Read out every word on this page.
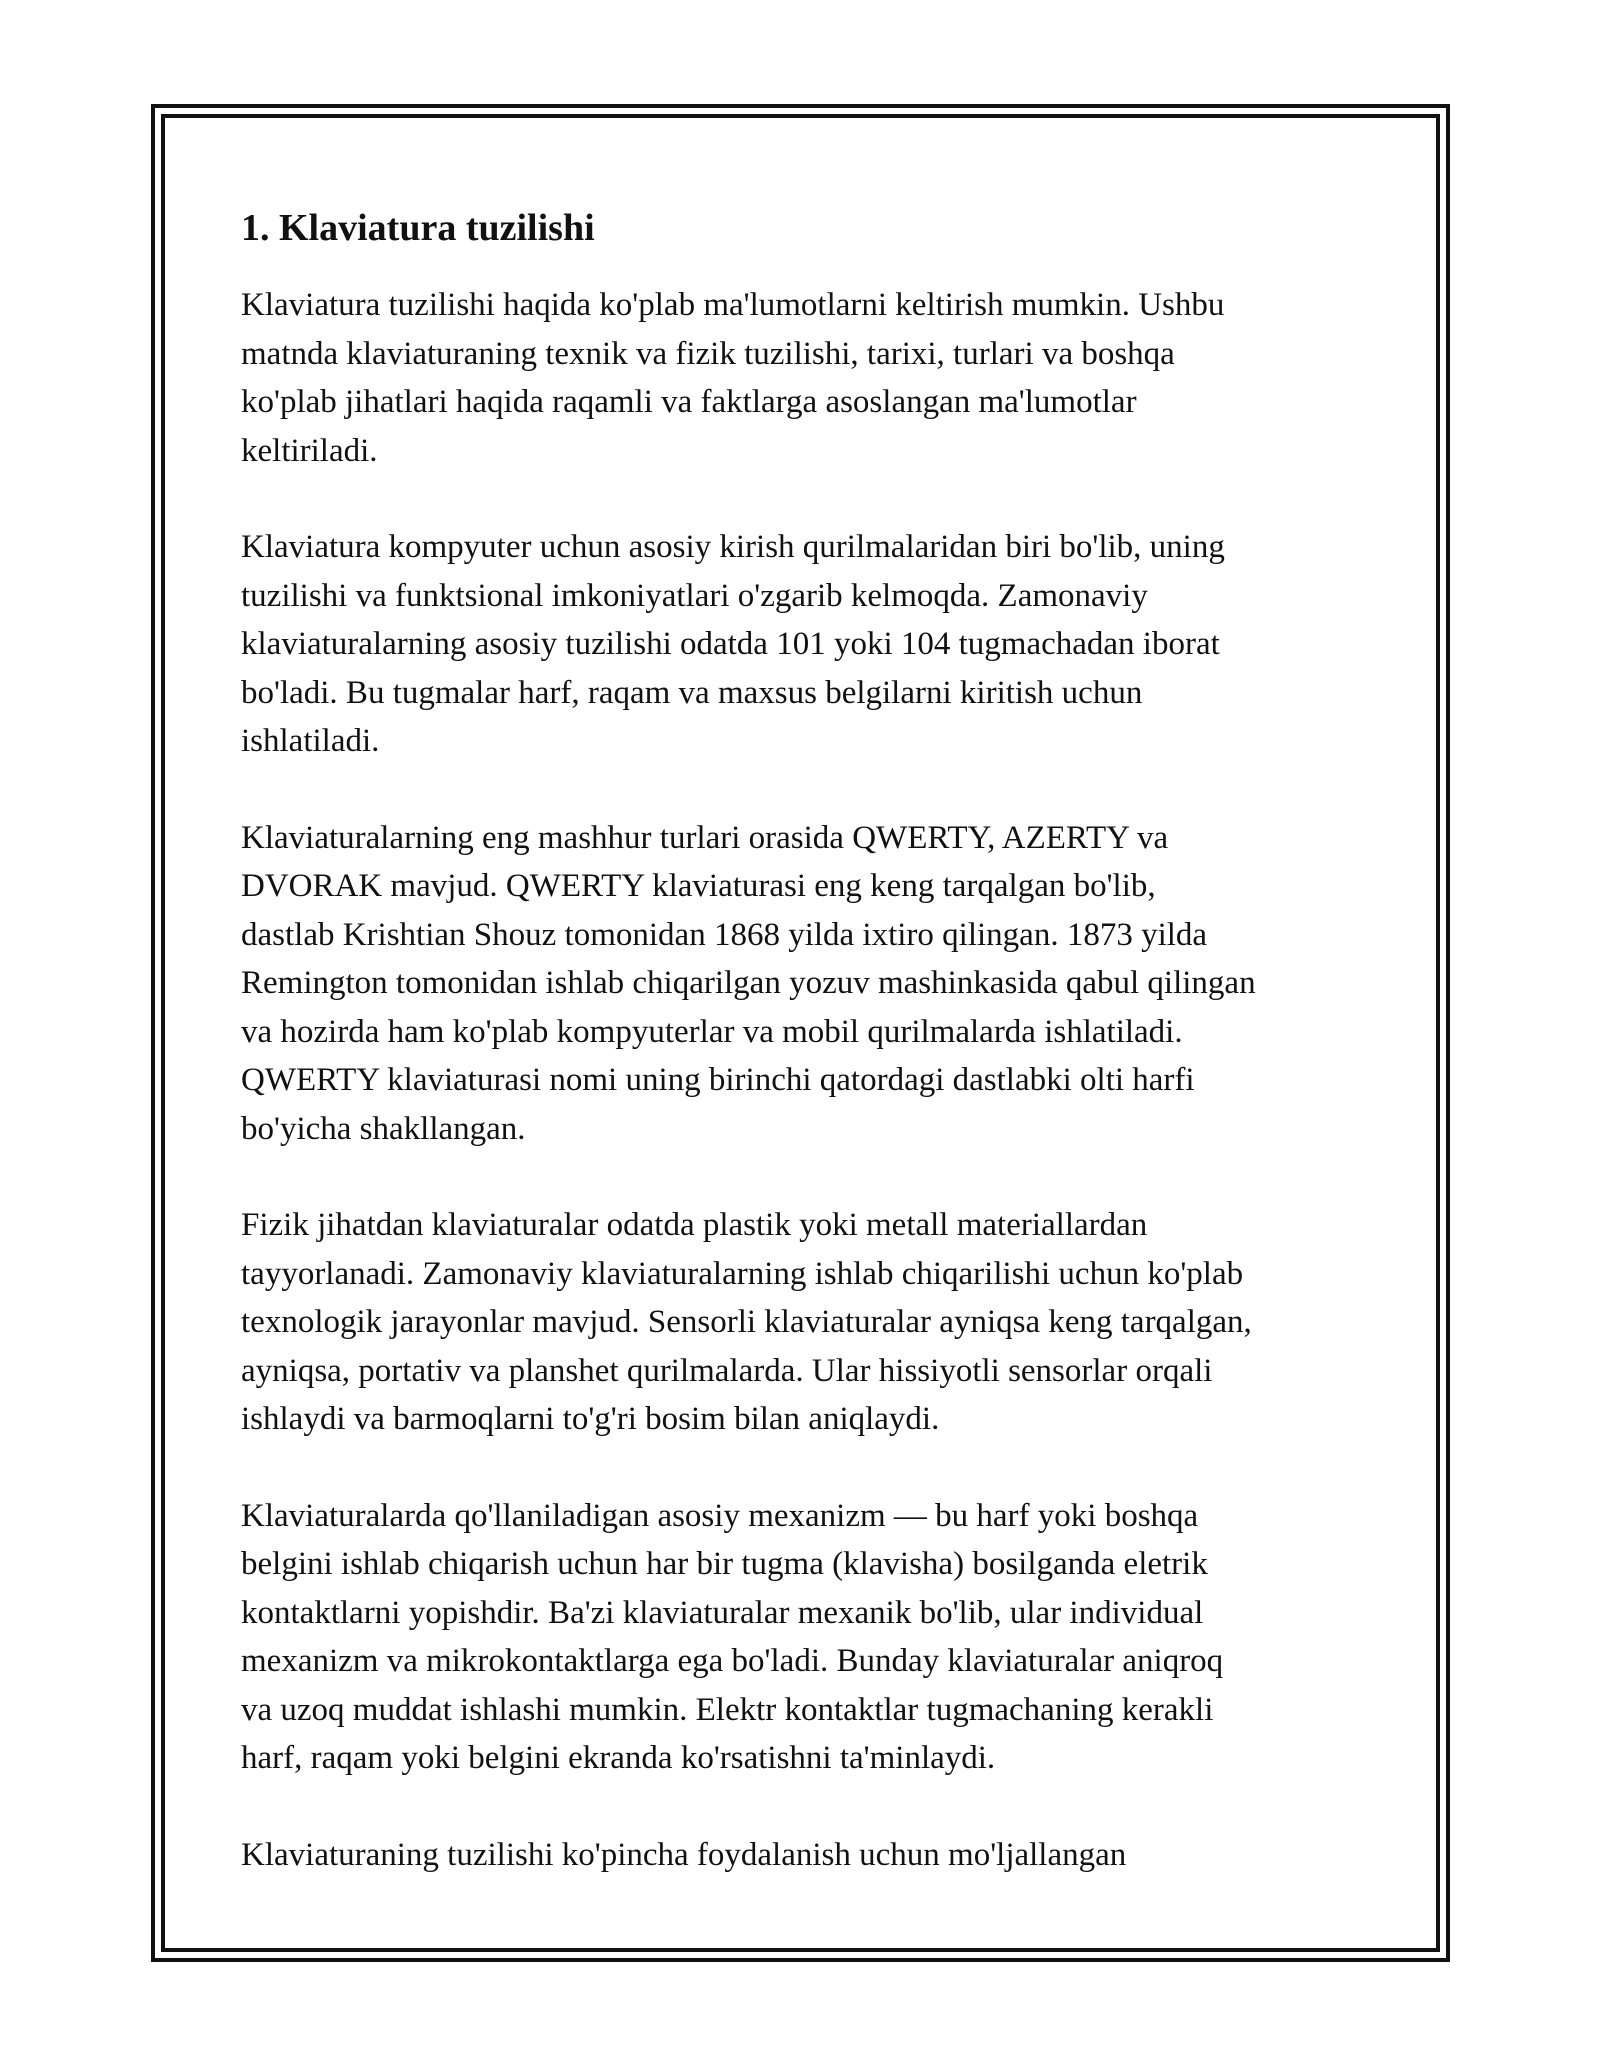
1. Klaviatura tuzilishi

Klaviatura tuzilishi haqida ko'plab ma'lumotlarni keltirish mumkin. Ushbu
matnda klaviaturaning texnik va fizik tuzilishi, tarixi, turlari va boshqa
ko'plab jihatlari haqida raqamli va faktlarga asoslangan ma'lumotlar
keltiriladi.

Klaviatura kompyuter uchun asosiy kirish qurilmalaridan biri bo'lib, uning
tuzilishi va funktsional imkoniyatlari o'zgarib kelmoqda. Zamonaviy
klaviaturalarning asosiy tuzilishi odatda 101 yoki 104 tugmachadan iborat
bo'ladi. Bu tugmalar harf, raqam va maxsus belgilarni kiritish uchun
ishlatiladi.

Klaviaturalarning eng mashhur turlari orasida QWERTY, AZERTY va
DVORAK mavjud. QWERTY klaviaturasi eng keng tarqalgan bo'lib,
dastlab Krishtian Shouz tomonidan 1868 yilda ixtiro qilingan. 1873 yilda
Remington tomonidan ishlab chiqarilgan yozuv mashinkasida qabul qilingan
va hozirda ham ko'plab kompyuterlar va mobil qurilmalarda ishlatiladi.
QWERTY klaviaturasi nomi uning birinchi qatordagi dastlabki olti harfi
bo'yicha shakllangan.

Fizik jihatdan klaviaturalar odatda plastik yoki metall materiallardan
tayyorlanadi. Zamonaviy klaviaturalarning ishlab chiqarilishi uchun ko'plab
texnologik jarayonlar mavjud. Sensorli klaviaturalar ayniqsa keng tarqalgan,
ayniqsa, portativ va planshet qurilmalarda. Ular hissiyotli sensorlar orqali
ishlaydi va barmoqlarni to'g'ri bosim bilan aniqlaydi.

Klaviaturalarda qo'llaniladigan asosiy mexanizm — bu harf yoki boshqa
belgini ishlab chiqarish uchun har bir tugma (klavisha) bosilganda eletrik
kontaktlarni yopishdir. Ba'zi klaviaturalar mexanik bo'lib, ular individual
mexanizm va mikrokontaktlarga ega bo'ladi. Bunday klaviaturalar aniqroq
va uzoq muddat ishlashi mumkin. Elektr kontaktlar tugmachaning kerakli
harf, raqam yoki belgini ekranda ko'rsatishni ta'minlaydi.

Klaviaturaning tuzilishi ko'pincha foydalanish uchun mo'ljallangan
